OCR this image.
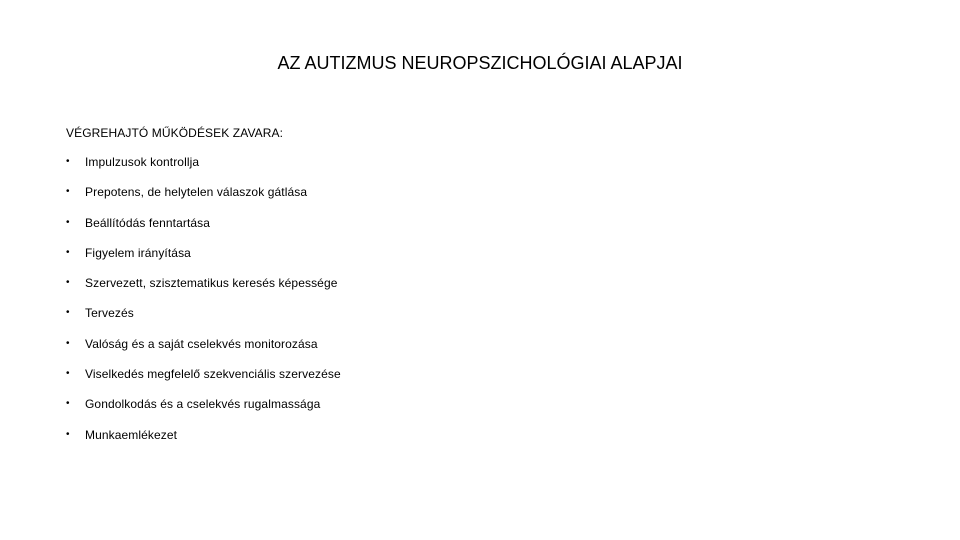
AZ AUTIZMUS NEUROPSZICHOLÓGIAI ALAPJAI
VÉGREHAJTÓ MŰKÖDÉSEK ZAVARA:
•	Impulzusok kontrollja
•	Prepotens, de helytelen válaszok gátlása
•	Beállítódás fenntartása
•	Figyelem irányítása
•	Szervezett, szisztematikus keresés képessége
•	Tervezés
•	Valóság és a saját cselekvés monitorozása
•	Viselkedés megfelelő szekvenciális szervezése
•	Gondolkodás és a cselekvés rugalmassága
•	Munkaemlékezet
